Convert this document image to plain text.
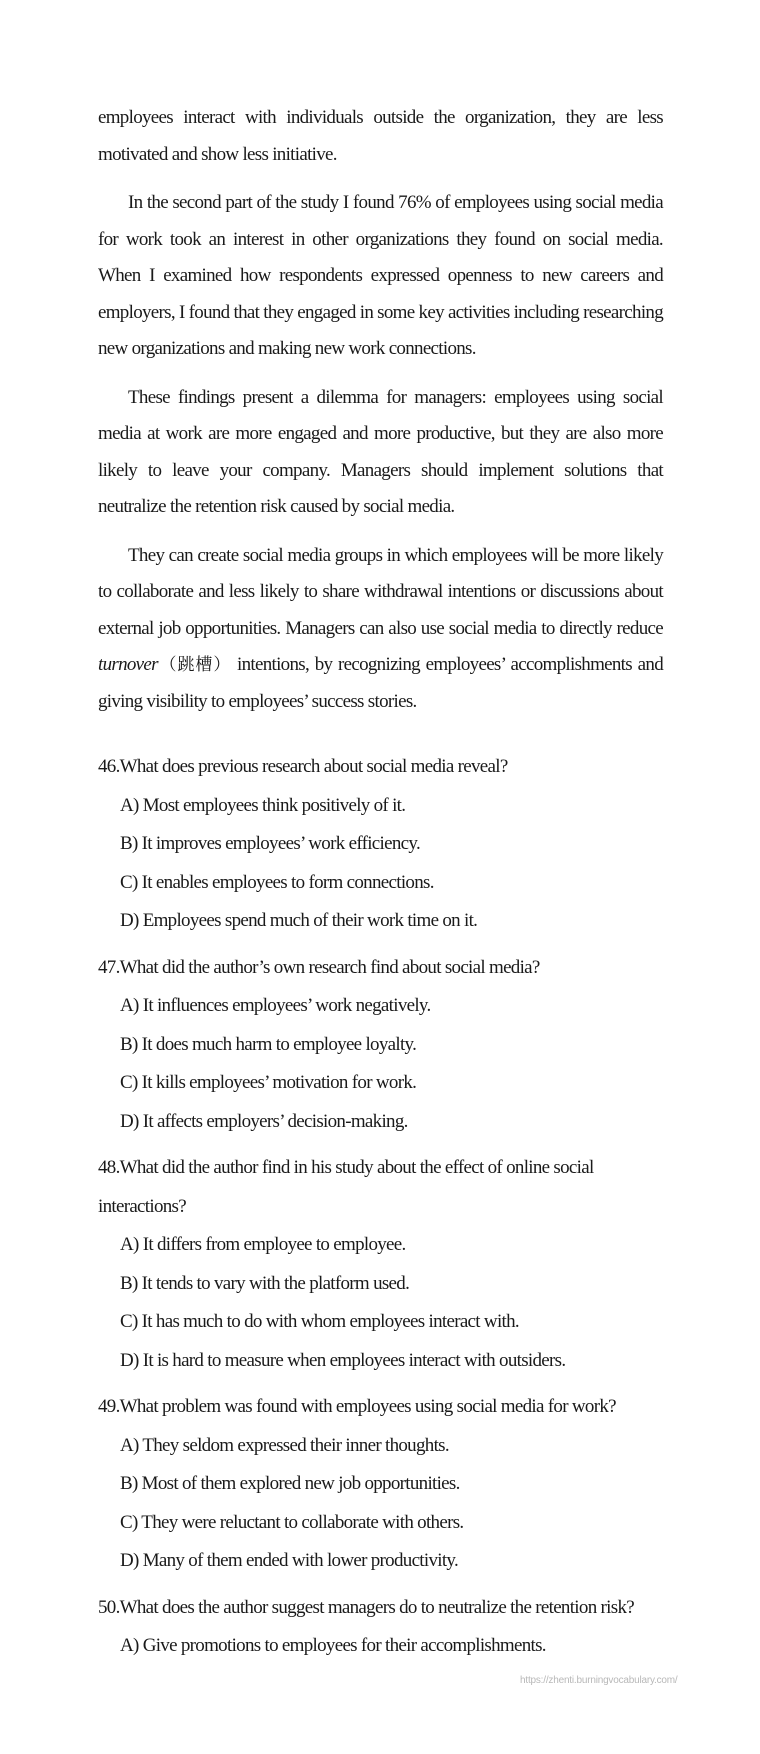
employees interact with individuals outside the organization, they are less motivated and show less initiative.

In the second part of the study I found 76% of employees using social media for work took an interest in other organizations they found on social media. When I examined how respondents expressed openness to new careers and employers, I found that they engaged in some key activities including researching new organizations and making new work connections.

These findings present a dilemma for managers: employees using social media at work are more engaged and more productive, but they are also more likely to leave your company. Managers should implement solutions that neutralize the retention risk caused by social media.

They can create social media groups in which employees will be more likely to collaborate and less likely to share withdrawal intentions or discussions about external job opportunities. Managers can also use social media to directly reduce turnover（跳槽） intentions, by recognizing employees’ accomplishments and giving visibility to employees’ success stories.

46.What does previous research about social media reveal?

A) Most employees think positively of it.

B) It improves employees’ work efficiency.

C) It enables employees to form connections.

D) Employees spend much of their work time on it.

47.What did the author’s own research find about social media?

A) It influences employees’ work negatively.

B) It does much harm to employee loyalty.

C) It kills employees’ motivation for work.

D) It affects employers’ decision-making.

48.What did the author find in his study about the effect of online social interactions?

A) It differs from employee to employee.

B) It tends to vary with the platform used.

C) It has much to do with whom employees interact with.

D) It is hard to measure when employees interact with outsiders.

49.What problem was found with employees using social media for work?

A) They seldom expressed their inner thoughts.

B) Most of them explored new job opportunities.

C) They were reluctant to collaborate with others.

D) Many of them ended with lower productivity.

50.What does the author suggest managers do to neutralize the retention risk?

A) Give promotions to employees for their accomplishments.

https://zhenti.burningvocabulary.com/
